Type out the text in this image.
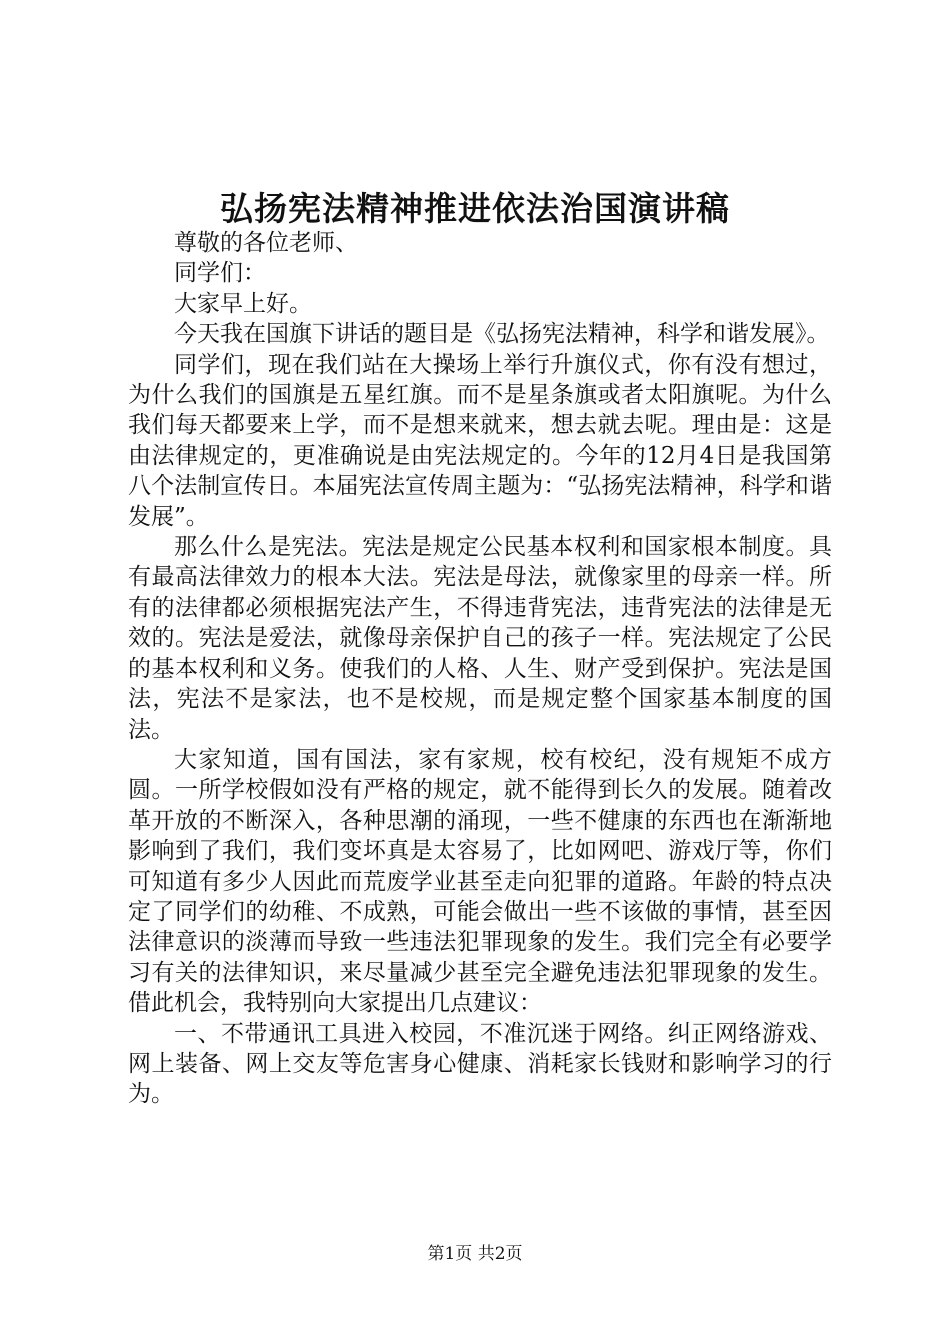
弘扬宪法精神推进依法治国演讲稿

尊敬的各位老师、

同学们：

大家早上好。

今天我在国旗下讲话的题目是《弘扬宪法精神，科学和谐发展》。

同学们，现在我们站在大操场上举行升旗仪式，你有没有想过，为什么我们的国旗是五星红旗。而不是星条旗或者太阳旗呢。为什么我们每天都要来上学，而不是想来就来，想去就去呢。理由是：这是由法律规定的，更准确说是由宪法规定的。今年的12月4日是我国第八个法制宣传日。本届宪法宣传周主题为：“弘扬宪法精神，科学和谐发展”。

那么什么是宪法。宪法是规定公民基本权利和国家根本制度。具有最高法律效力的根本大法。宪法是母法，就像家里的母亲一样。所有的法律都必须根据宪法产生，不得违背宪法，违背宪法的法律是无效的。宪法是爱法，就像母亲保护自己的孩子一样。宪法规定了公民的基本权利和义务。使我们的人格、人生、财产受到保护。宪法是国法，宪法不是家法，也不是校规，而是规定整个国家基本制度的国法。

大家知道，国有国法，家有家规，校有校纪，没有规矩不成方圆。一所学校假如没有严格的规定，就不能得到长久的发展。随着改革开放的不断深入，各种思潮的涌现，一些不健康的东西也在渐渐地影响到了我们，我们变坏真是太容易了，比如网吧、游戏厅等，你们可知道有多少人因此而荒废学业甚至走向犯罪的道路。年龄的特点决定了同学们的幼稚、不成熟，可能会做出一些不该做的事情，甚至因法律意识的淡薄而导致一些违法犯罪现象的发生。我们完全有必要学习有关的法律知识，来尽量减少甚至完全避免违法犯罪现象的发生。借此机会，我特别向大家提出几点建议：

一、不带通讯工具进入校园，不准沉迷于网络。纠正网络游戏、网上装备、网上交友等危害身心健康、消耗家长钱财和影响学习的行为。

第1页 共2页
